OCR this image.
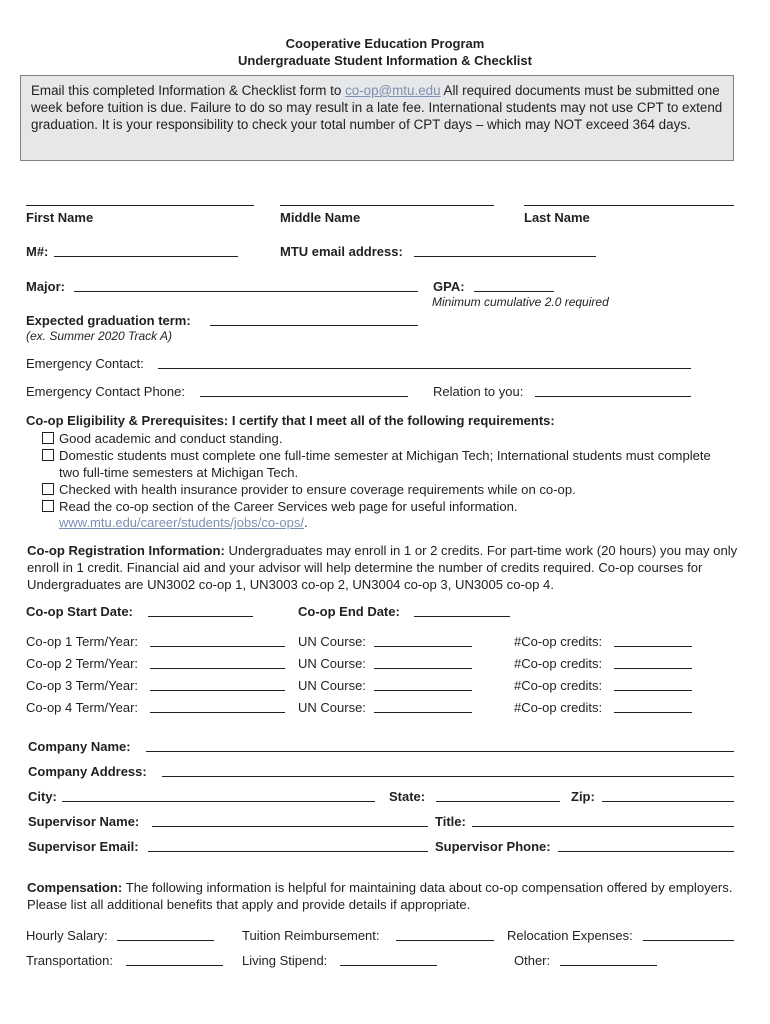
Cooperative Education Program
Undergraduate Student Information & Checklist
Email this completed Information & Checklist form to co-op@mtu.edu All required documents must be submitted one week before tuition is due. Failure to do so may result in a late fee. International students may not use CPT to extend graduation. It is your responsibility to check your total number of CPT days – which may NOT exceed 364 days.
First Name	Middle Name	Last Name
M#:	MTU email address:
Major:	GPA:
Minimum cumulative 2.0 required
Expected graduation term:
(ex. Summer 2020 Track A)
Emergency Contact:
Emergency Contact Phone:	Relation to you:
Co-op Eligibility & Prerequisites: I certify that I meet all of the following requirements:
Good academic and conduct standing.
Domestic students must complete one full-time semester at Michigan Tech; International students must complete two full-time semesters at Michigan Tech.
Checked with health insurance provider to ensure coverage requirements while on co-op.
Read the co-op section of the Career Services web page for useful information.
www.mtu.edu/career/students/jobs/co-ops/.
Co-op Registration Information: Undergraduates may enroll in 1 or 2 credits. For part-time work (20 hours) you may only enroll in 1 credit. Financial aid and your advisor will help determine the number of credits required. Co-op courses for Undergraduates are UN3002 co-op 1, UN3003 co-op 2, UN3004 co-op 3, UN3005 co-op 4.
Co-op Start Date:	Co-op End Date:
Co-op 1 Term/Year:	UN Course:	#Co-op credits:
Co-op 2 Term/Year:	UN Course:	#Co-op credits:
Co-op 3 Term/Year:	UN Course:	#Co-op credits:
Co-op 4 Term/Year:	UN Course:	#Co-op credits:
Company Name:
Company Address:
City:	State:	Zip:
Supervisor Name:	Title:
Supervisor Email:	Supervisor Phone:
Compensation: The following information is helpful for maintaining data about co-op compensation offered by employers. Please list all additional benefits that apply and provide details if appropriate.
Hourly Salary:	Tuition Reimbursement:	Relocation Expenses:
Transportation:	Living Stipend:	Other:
